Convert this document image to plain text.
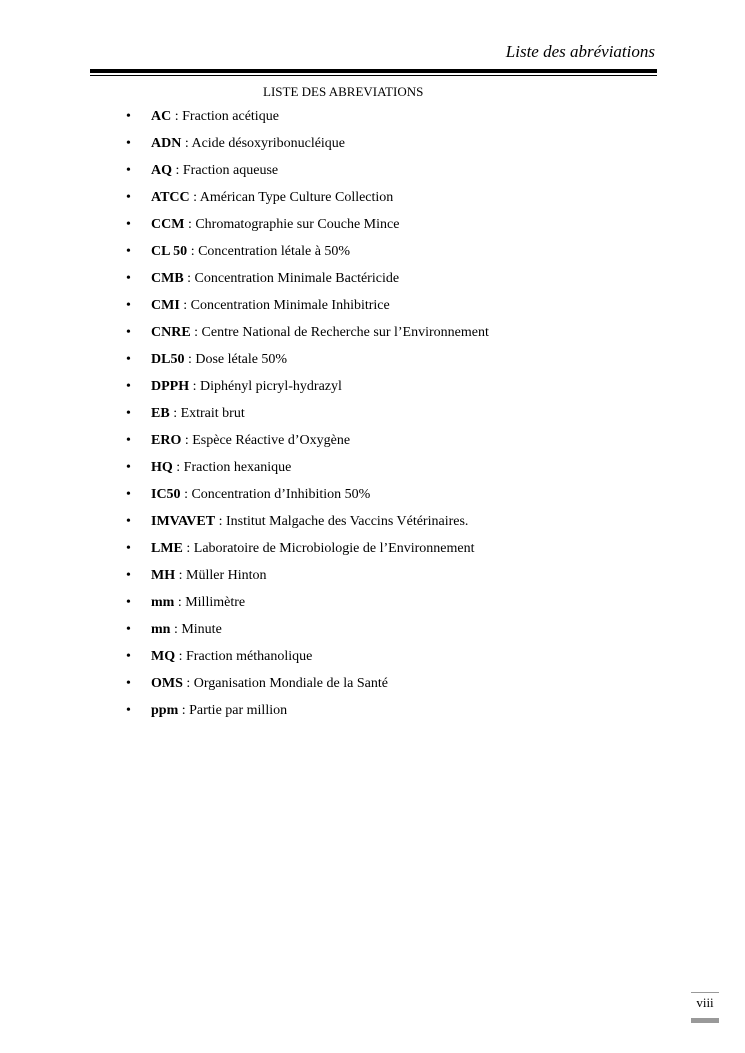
Liste des abréviations
LISTE DES ABREVIATIONS
• AC : Fraction acétique
• ADN : Acide désoxyribonucléique
• AQ : Fraction aqueuse
• ATCC : Américan Type Culture Collection
• CCM : Chromatographie sur Couche Mince
• CL 50 : Concentration létale à 50%
• CMB : Concentration Minimale Bactéricide
• CMI : Concentration Minimale Inhibitrice
• CNRE : Centre National de Recherche sur l’Environnement
• DL50 : Dose létale 50%
• DPPH : Diphényl picryl-hydrazyl
• EB : Extrait brut
• ERO : Espèce Réactive d’Oxygène
• HQ : Fraction hexanique
• IC50 : Concentration d’Inhibition 50%
• IMVAVET : Institut Malgache des Vaccins Vétérinaires.
• LME : Laboratoire de Microbiologie de l’Environnement
• MH : Müller Hinton
• mm : Millimètre
• mn : Minute
• MQ : Fraction méthanolique
• OMS : Organisation Mondiale de la Santé
• ppm : Partie par million
viii
